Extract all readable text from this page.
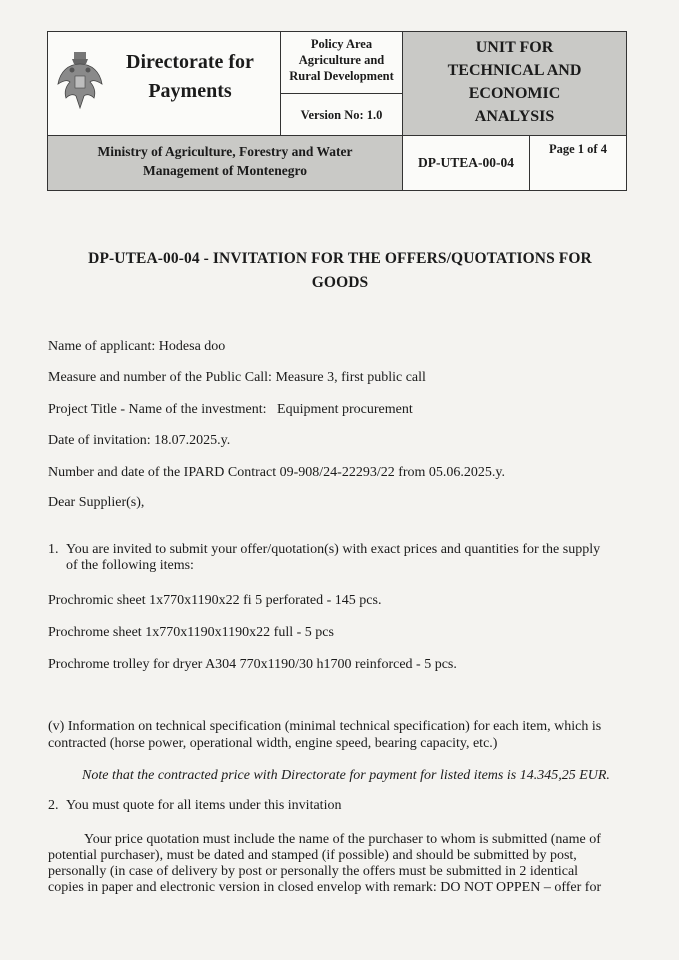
Directorate for
Payments
Policy Area
Agriculture and
Rural Development
Version No: 1.0
UNIT FOR
TECHNICAL AND
ECONOMIC
ANALYSIS
Ministry of Agriculture, Forestry and Water
Management of Montenegro
DP-UTEA-00-04
Page 1 of 4
DP-UTEA-00-04 - INVITATION FOR THE OFFERS/QUOTATIONS FOR
GOODS
Name of applicant: Hodesa doo
Measure and number of the Public Call: Measure 3, first public call
Project Title - Name of the investment:   Equipment procurement
Date of invitation: 18.07.2025.y.
Number and date of the IPARD Contract 09-908/24-22293/22 from 05.06.2025.y.
Dear Supplier(s),
1. You are invited to submit your offer/quotation(s) with exact prices and quantities for the supply
of the following items:
Prochromic sheet 1x770x1190x22 fi 5 perforated - 145 pcs.
Prochrome sheet 1x770x1190x1190x22 full - 5 pcs
Prochrome trolley for dryer A304 770x1190/30 h1700 reinforced - 5 pcs.
(v) Information on technical specification (minimal technical specification) for each item, which is
contracted (horse power, operational width, engine speed, bearing capacity, etc.)
Note that the contracted price with Directorate for payment for listed items is 14.345,25 EUR.
2. You must quote for all items under this invitation
Your price quotation must include the name of the purchaser to whom is submitted (name of
potential purchaser), must be dated and stamped (if possible) and should be submitted by post,
personally (in case of delivery by post or personally the offers must be submitted in 2 identical
copies in paper and electronic version in closed envelop with remark: DO NOT OPPEN – offer for
